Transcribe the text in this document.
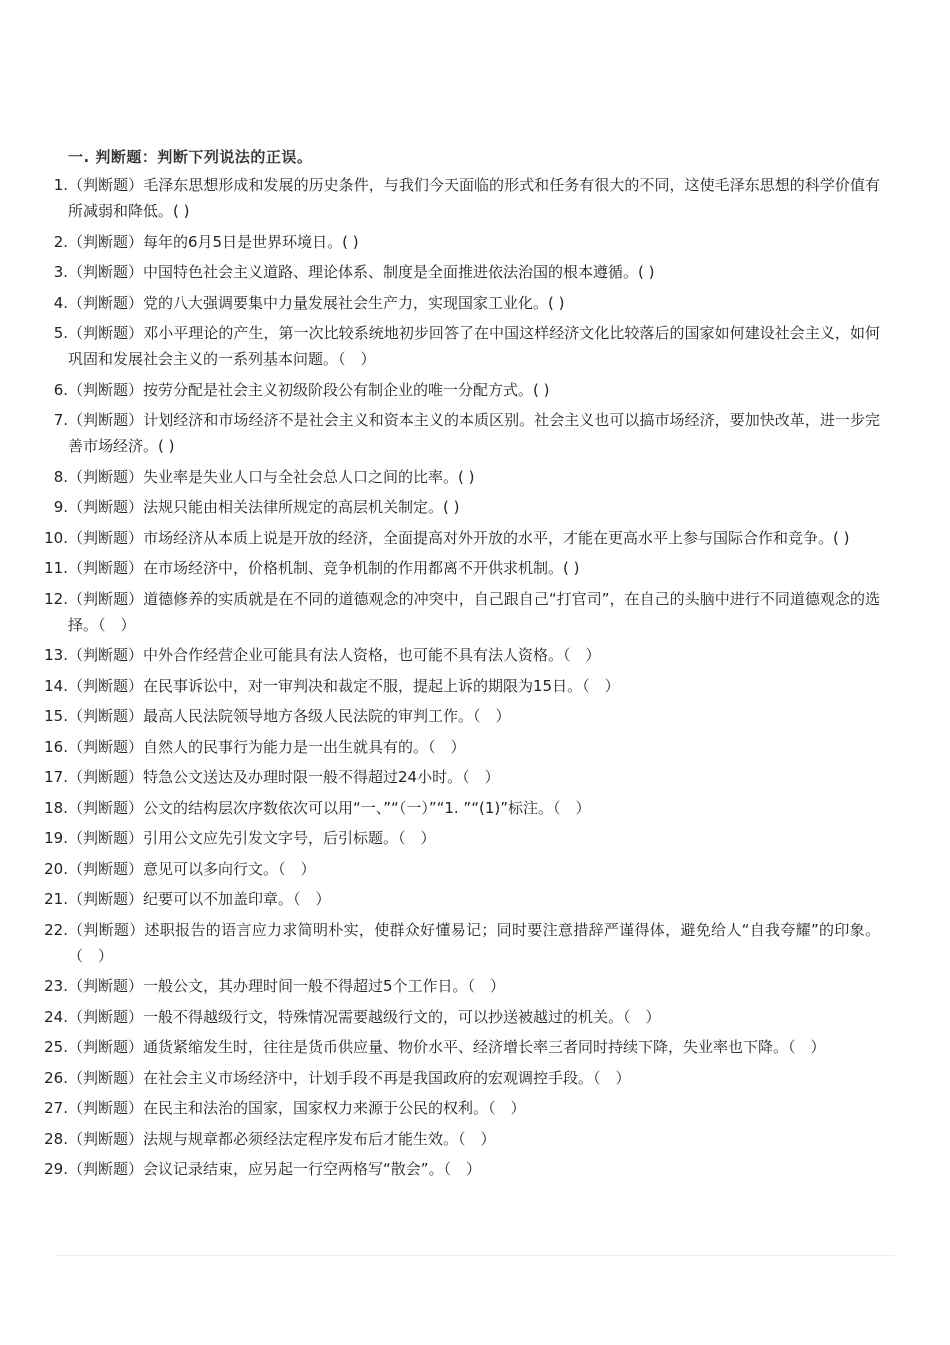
一. 判断题：判断下列说法的正误。
1. （判断题）毛泽东思想形成和发展的历史条件，与我们今天面临的形式和任务有很大的不同，这使毛泽东思想的科学价值有所减弱和降低。( )
2. （判断题）每年的6月5日是世界环境日。( )
3. （判断题）中国特色社会主义道路、理论体系、制度是全面推进依法治国的根本遵循。( )
4. （判断题）党的八大强调要集中力量发展社会生产力，实现国家工业化。( )
5. （判断题）邓小平理论的产生，第一次比较系统地初步回答了在中国这样经济文化比较落后的国家如何建设社会主义，如何巩固和发展社会主义的一系列基本问题。（　）
6. （判断题）按劳分配是社会主义初级阶段公有制企业的唯一分配方式。( )
7. （判断题）计划经济和市场经济不是社会主义和资本主义的本质区别。社会主义也可以搞市场经济，要加快改革，进一步完善市场经济。( )
8. （判断题）失业率是失业人口与全社会总人口之间的比率。( )
9. （判断题）法规只能由相关法律所规定的高层机关制定。( )
10. （判断题）市场经济从本质上说是开放的经济，全面提高对外开放的水平，才能在更高水平上参与国际合作和竞争。( )
11. （判断题）在市场经济中，价格机制、竞争机制的作用都离不开供求机制。( )
12. （判断题）道德修养的实质就是在不同的道德观念的冲突中，自己跟自己“打官司”，在自己的头脑中进行不同道德观念的选择。（　）
13. （判断题）中外合作经营企业可能具有法人资格，也可能不具有法人资格。（　）
14. （判断题）在民事诉讼中，对一审判决和裁定不服，提起上诉的期限为15日。（　）
15. （判断题）最高人民法院领导地方各级人民法院的审判工作。（　）
16. （判断题）自然人的民事行为能力是一出生就具有的。（　）
17. （判断题）特急公文送达及办理时限一般不得超过24小时。（　）
18. （判断题）公文的结构层次序数依次可以用“一、”“（一）”“1. ”“(1)”标注。（　）
19. （判断题）引用公文应先引发文字号，后引标题。（　）
20. （判断题）意见可以多向行文。（　）
21. （判断题）纪要可以不加盖印章。（　）
22. （判断题）述职报告的语言应力求简明朴实，使群众好懂易记；同时要注意措辞严谨得体，避免给人“自我夸耀”的印象。（　）
23. （判断题）一般公文，其办理时间一般不得超过5个工作日。（　）
24. （判断题）一般不得越级行文，特殊情况需要越级行文的，可以抄送被越过的机关。（　）
25. （判断题）通货紧缩发生时，往往是货币供应量、物价水平、经济增长率三者同时持续下降，失业率也下降。（　）
26. （判断题）在社会主义市场经济中，计划手段不再是我国政府的宏观调控手段。（　）
27. （判断题）在民主和法治的国家，国家权力来源于公民的权利。（　）
28. （判断题）法规与规章都必须经法定程序发布后才能生效。（　）
29. （判断题）会议记录结束，应另起一行空两格写“散会”。（　）
